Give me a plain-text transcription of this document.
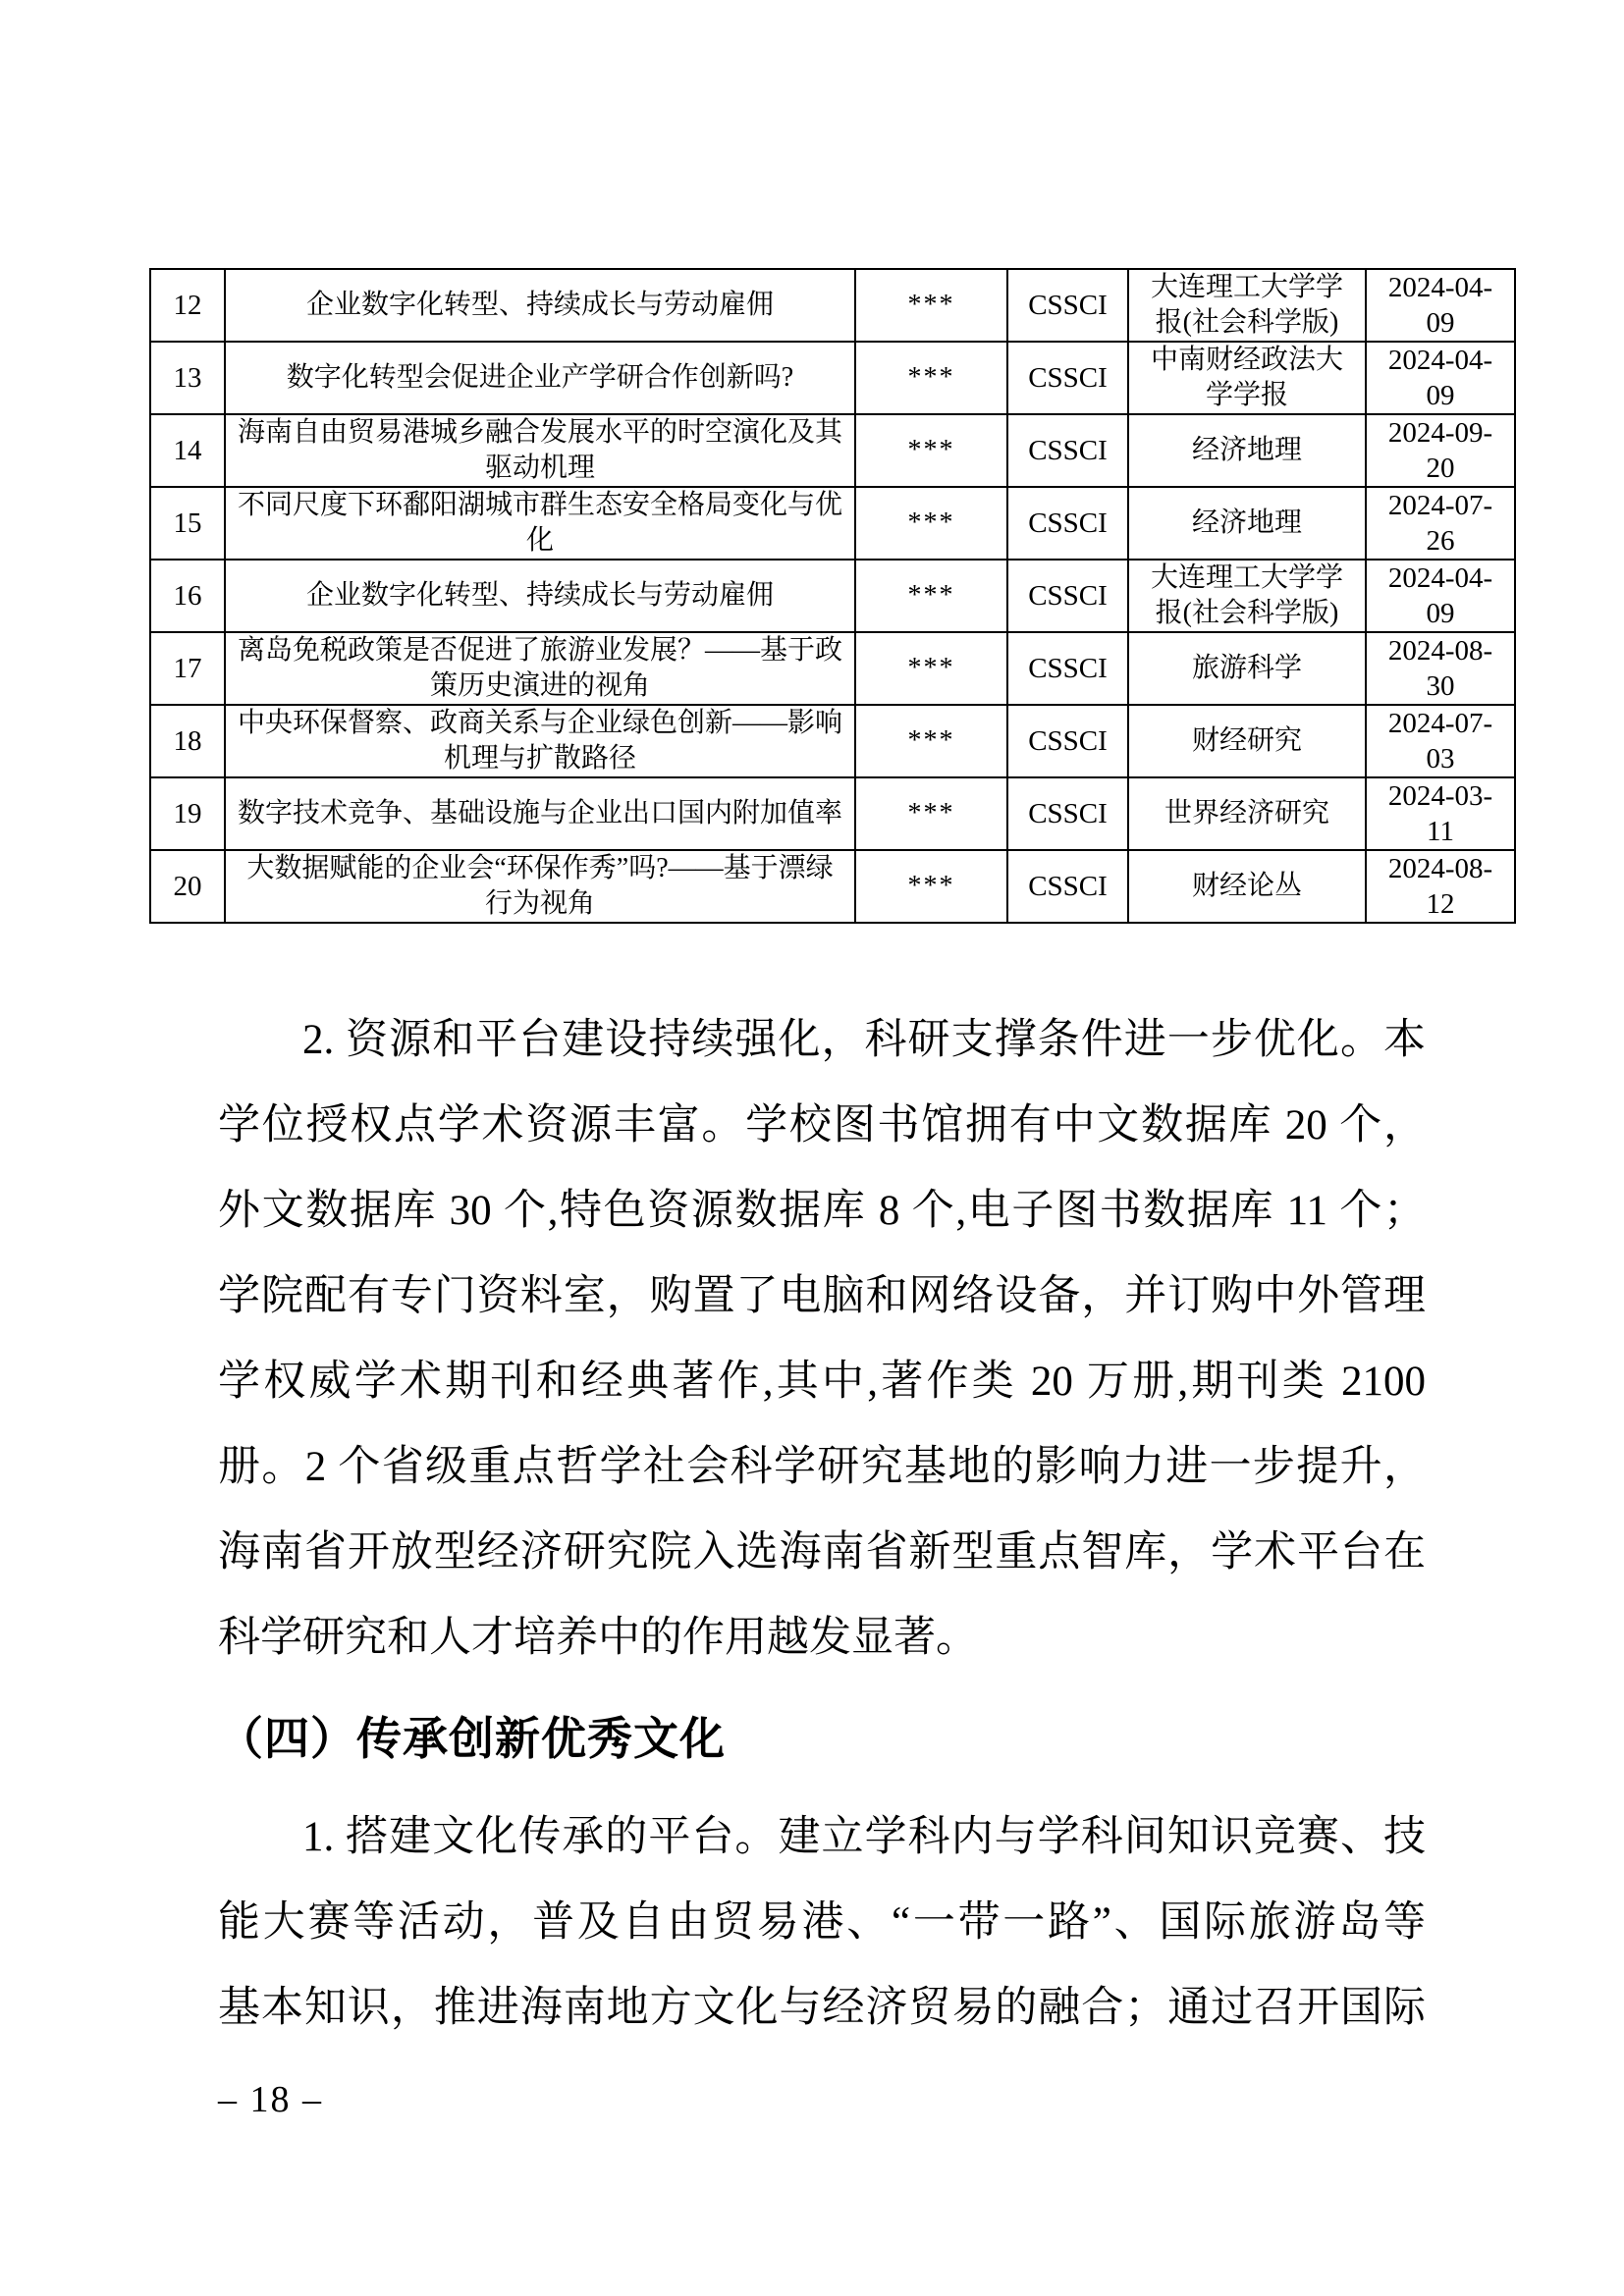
12	企业数字化转型、持续成长与劳动雇佣	***	CSSCI	大连理工大学学报(社会科学版)	2024-04-09
13	数字化转型会促进企业产学研合作创新吗?	***	CSSCI	中南财经政法大学学报	2024-04-09
14	海南自由贸易港城乡融合发展水平的时空演化及其驱动机理	***	CSSCI	经济地理	2024-09-20
15	不同尺度下环鄱阳湖城市群生态安全格局变化与优化	***	CSSCI	经济地理	2024-07-26
16	企业数字化转型、持续成长与劳动雇佣	***	CSSCI	大连理工大学学报(社会科学版)	2024-04-09
17	离岛免税政策是否促进了旅游业发展？——基于政策历史演进的视角	***	CSSCI	旅游科学	2024-08-30
18	中央环保督察、政商关系与企业绿色创新——影响机理与扩散路径	***	CSSCI	财经研究	2024-07-03
19	数字技术竞争、基础设施与企业出口国内附加值率	***	CSSCI	世界经济研究	2024-03-11
20	大数据赋能的企业会“环保作秀”吗?——基于漂绿行为视角	***	CSSCI	财经论丛	2024-08-12
2. 资源和平台建设持续强化，科研支撑条件进一步优化。本
学位授权点学术资源丰富。学校图书馆拥有中文数据库 20 个，
外文数据库 30 个,特色资源数据库 8 个,电子图书数据库 11 个；
学院配有专门资料室，购置了电脑和网络设备，并订购中外管理
学权威学术期刊和经典著作,其中,著作类 20 万册,期刊类 2100
册。2 个省级重点哲学社会科学研究基地的影响力进一步提升，
海南省开放型经济研究院入选海南省新型重点智库，学术平台在
科学研究和人才培养中的作用越发显著。
（四）传承创新优秀文化
1. 搭建文化传承的平台。建立学科内与学科间知识竞赛、技
能大赛等活动，普及自由贸易港、“一带一路”、国际旅游岛等
基本知识，推进海南地方文化与经济贸易的融合；通过召开国际
– 18 –
